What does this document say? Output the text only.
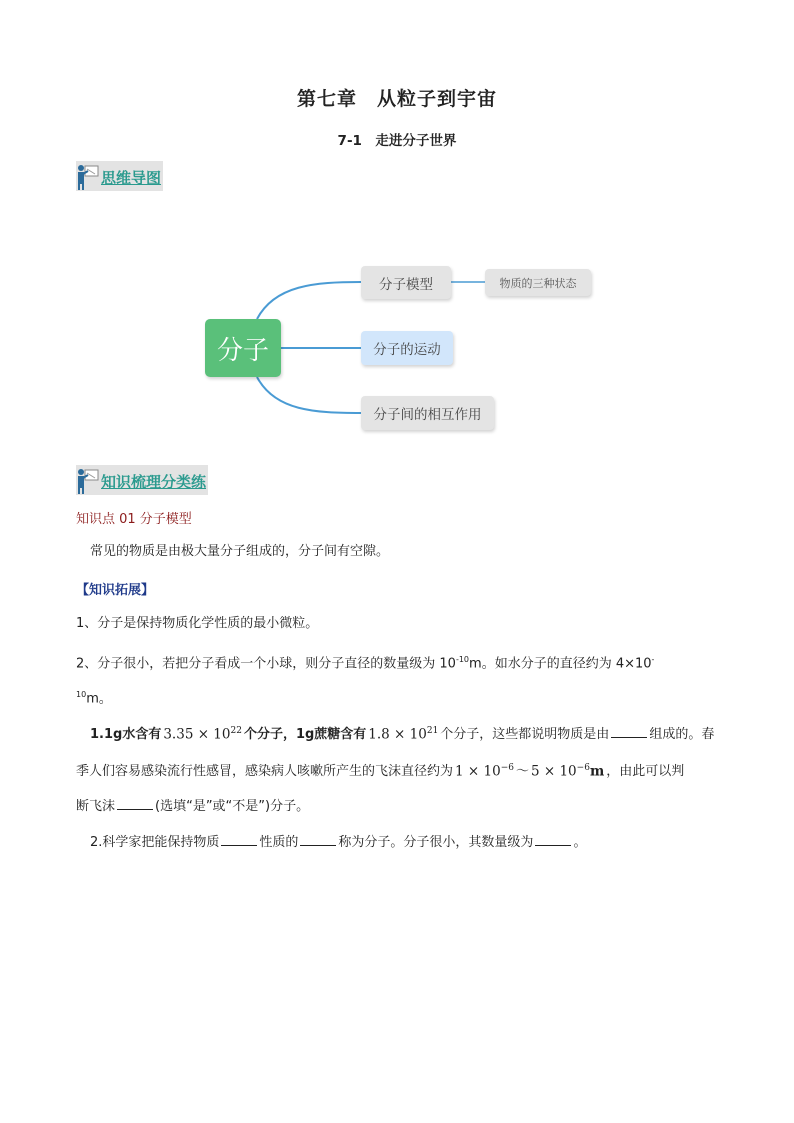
第七章　从粒子到宇宙
7-1　走进分子世界
思维导图
分子
分子模型	物质的三种状态
分子的运动
分子间的相互作用
知识梳理分类练
知识点 01 分子模型
常见的物质是由极大量分子组成的，分子间有空隙。
【知识拓展】
1、分子是保持物质化学性质的最小微粒。
2、分子很小，若把分子看成一个小球，则分子直径的数量级为 $10^{-10}m$。如水分子的直径约为 4×10-
$^{10}$m。
1.1g水含有 $3.35 \times 10^{22}$ 个分子，1g蔗糖含有 $1.8 \times 10^{21}$ 个分子，这些都说明物质是由	组成的。春
季人们容易感染流行性感冒，感染病人咳嗽所产生的飞沫直径约为 $1 \times 10^{-6}$ ～ $5 \times 10^{-6}m$ ，由此可以判
断飞沫	(选填“是”或“不是”)分子。
2.科学家把能保持物质	性质的	称为分子。分子很小，其数量级为	。
